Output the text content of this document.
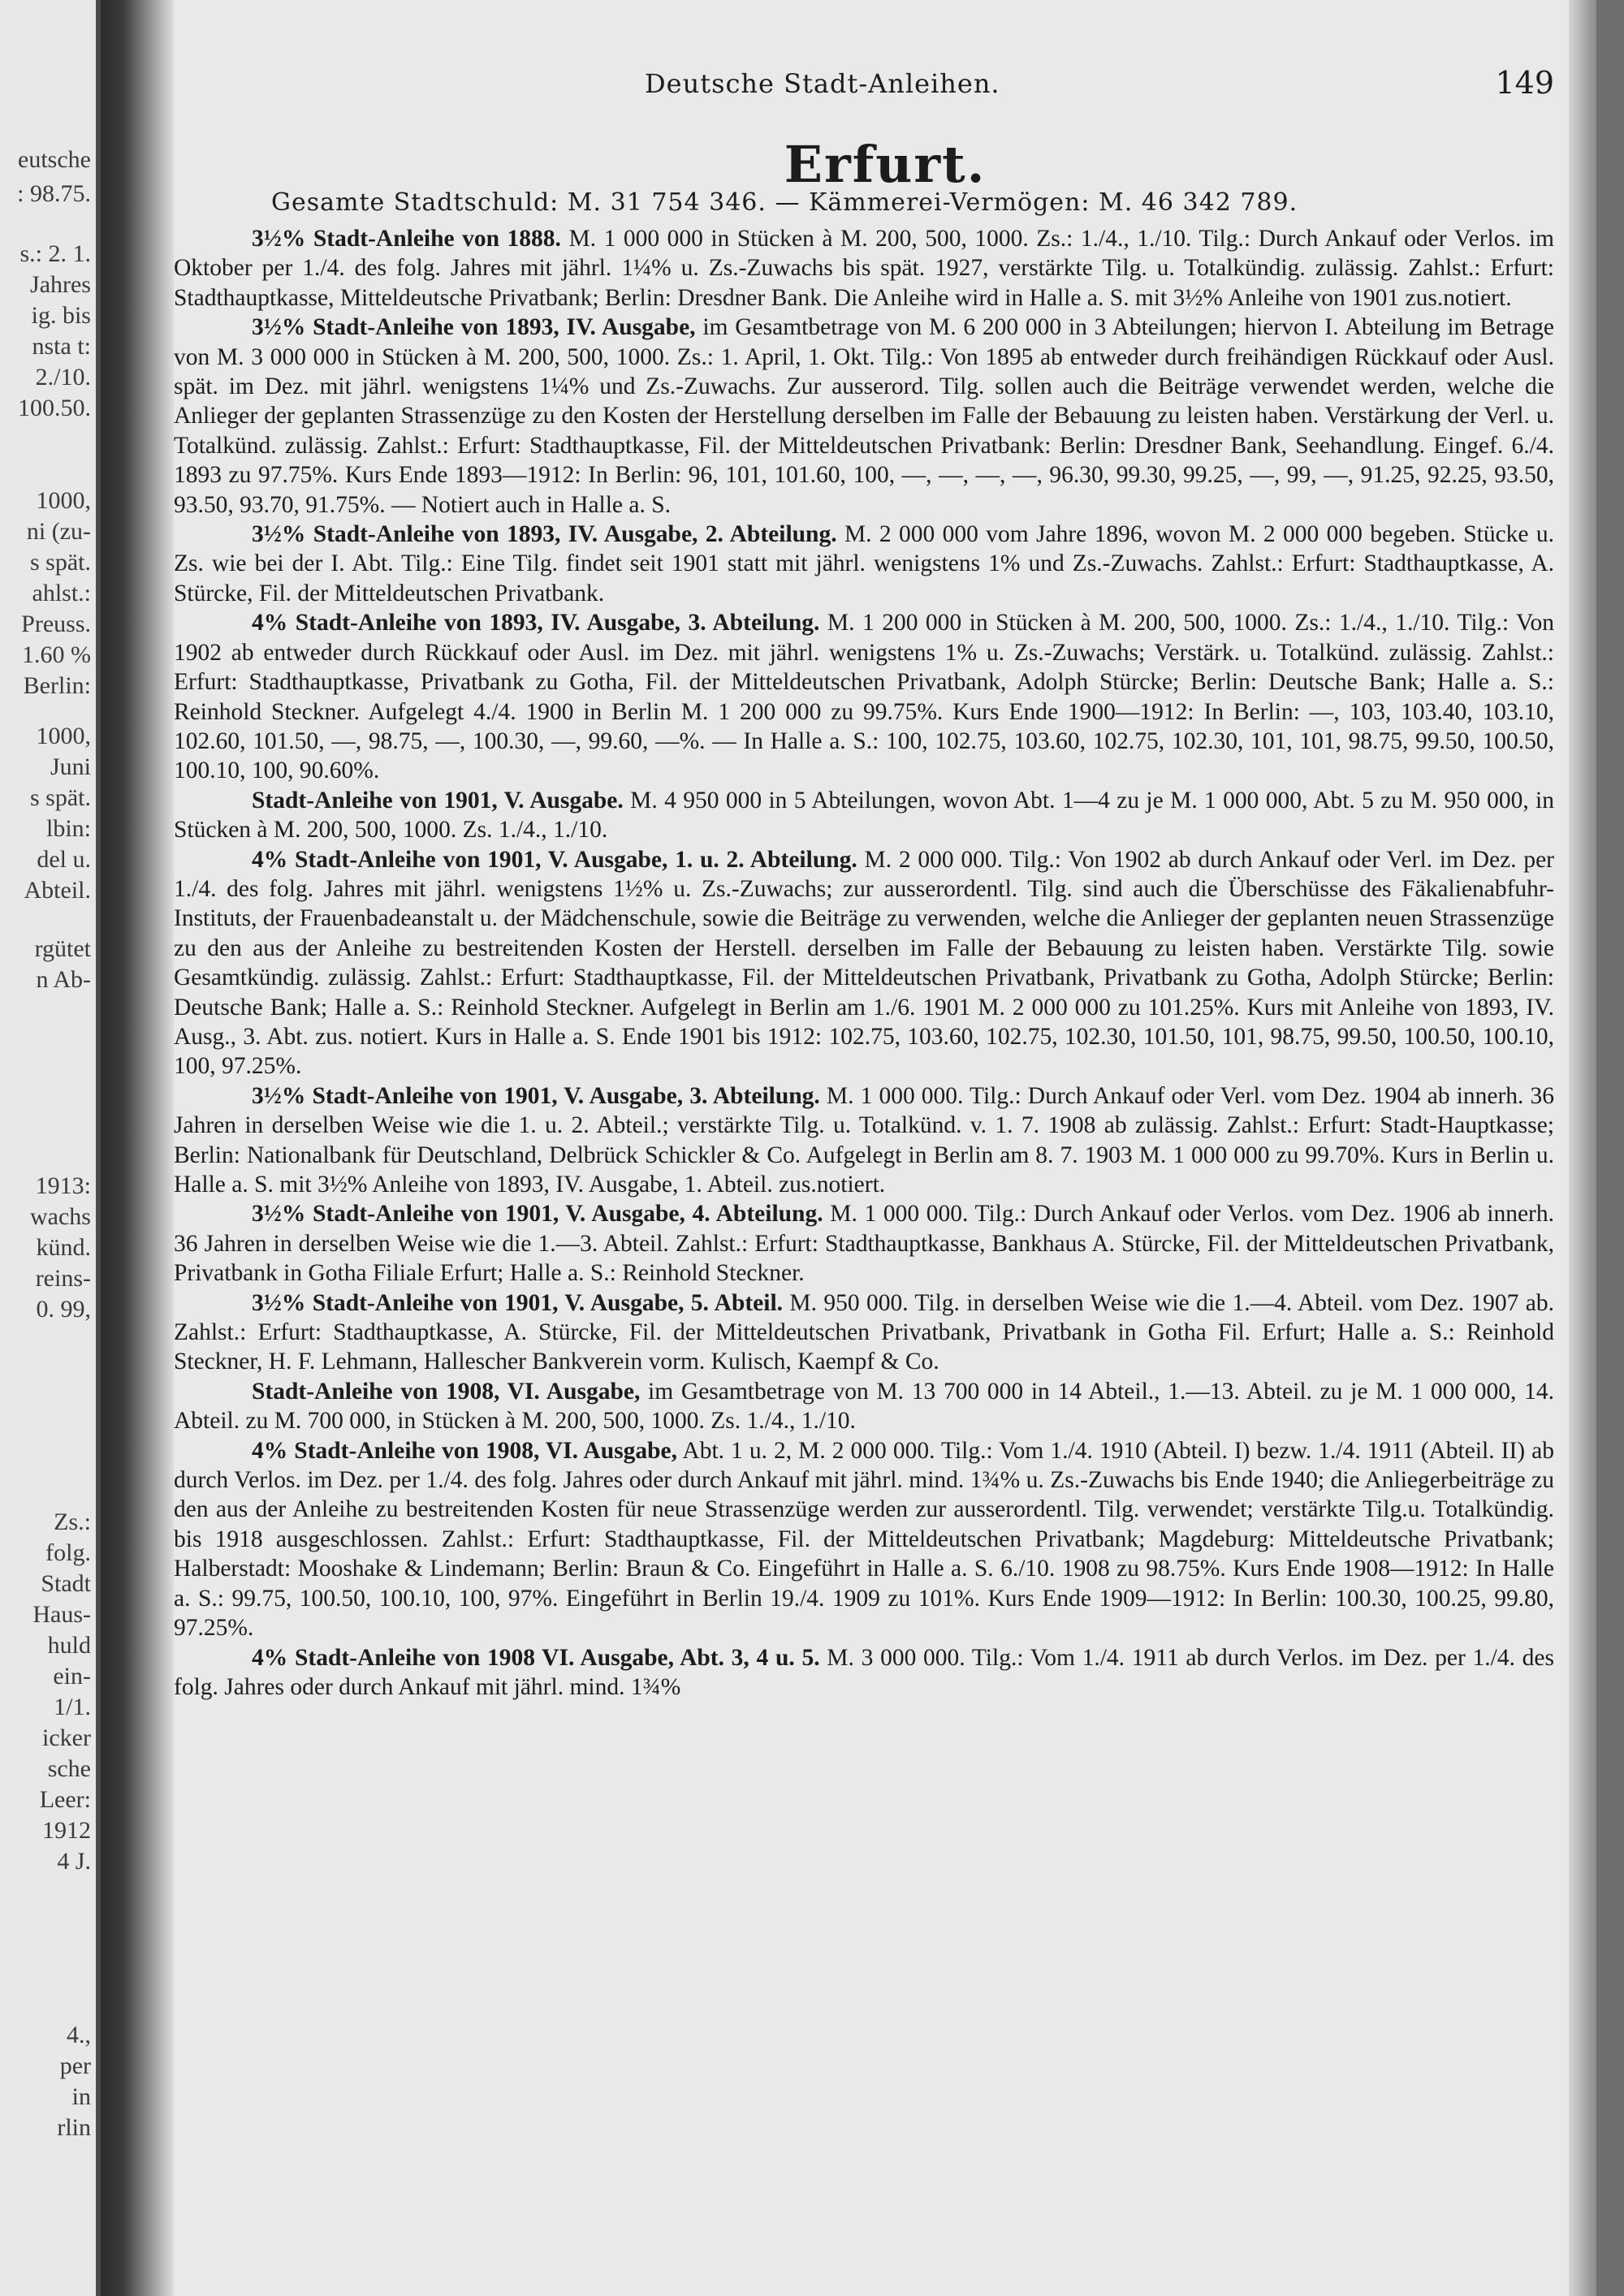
eutsche
: 98.75.
s.: 2. 1.
Jahres
ig. bis
nsta t:
2./10.
100.50.
1000,
ni (zu-
s spät.
ahlst.:
Preuss.
1.60 %
Berlin:
1000,
Juni
s spät.
lbin:
del u.
Abteil.
rgütet
n Ab-
1913:
wachs
künd.
reins-
0. 99,
Zs.:
folg.
Stadt
Haus-
huld
ein-
1/1.
icker
sche
Leer:
1912
4 J.
4.,
per
in
rlin
Deutsche Stadt-Anleihen.	149
Erfurt.
Gesamte Stadtschuld: M. 31 754 346. — Kämmerei-Vermögen: M. 46 342 789.

3½% Stadt-Anleihe von 1888. M. 1 000 000 in Stücken à M. 200, 500, 1000. Zs.: 1./4., 1./10. Tilg.: Durch Ankauf oder Verlos. im Oktober per 1./4. des folg. Jahres mit jährl. 1¼% u. Zs.-Zuwachs bis spät. 1927, verstärkte Tilg. u. Totalkündig. zulässig. Zahlst.: Erfurt: Stadthauptkasse, Mitteldeutsche Privatbank; Berlin: Dresdner Bank. Die Anleihe wird in Halle a. S. mit 3½% Anleihe von 1901 zus.notiert.

3½% Stadt-Anleihe von 1893, IV. Ausgabe, im Gesamtbetrage von M. 6 200 000 in 3 Abteilungen; hiervon I. Abteilung im Betrage von M. 3 000 000 in Stücken à M. 200, 500, 1000. Zs.: 1. April, 1. Okt. Tilg.: Von 1895 ab entweder durch freihändigen Rückkauf oder Ausl. spät. im Dez. mit jährl. wenigstens 1¼% und Zs.-Zuwachs. Zur ausserord. Tilg. sollen auch die Beiträge verwendet werden, welche die Anlieger der geplanten Strassenzüge zu den Kosten der Herstellung derselben im Falle der Bebauung zu leisten haben. Verstärkung der Verl. u. Totalkünd. zulässig. Zahlst.: Erfurt: Stadthauptkasse, Fil. der Mitteldeutschen Privatbank: Berlin: Dresdner Bank, Seehandlung. Eingef. 6./4. 1893 zu 97.75%. Kurs Ende 1893—1912: In Berlin: 96, 101, 101.60, 100, —, —, —, —, 96.30, 99.30, 99.25, —, 99, —, 91.25, 92.25, 93.50, 93.50, 93.70, 91.75%. — Notiert auch in Halle a. S.

3½% Stadt-Anleihe von 1893, IV. Ausgabe, 2. Abteilung. M. 2 000 000 vom Jahre 1896, wovon M. 2 000 000 begeben. Stücke u. Zs. wie bei der I. Abt. Tilg.: Eine Tilg. findet seit 1901 statt mit jährl. wenigstens 1% und Zs.-Zuwachs. Zahlst.: Erfurt: Stadthauptkasse, A. Stürcke, Fil. der Mitteldeutschen Privatbank.

4% Stadt-Anleihe von 1893, IV. Ausgabe, 3. Abteilung. M. 1 200 000 in Stücken à M. 200, 500, 1000. Zs.: 1./4., 1./10. Tilg.: Von 1902 ab entweder durch Rückkauf oder Ausl. im Dez. mit jährl. wenigstens 1% u. Zs.-Zuwachs; Verstärk. u. Totalkünd. zulässig. Zahlst.: Erfurt: Stadthauptkasse, Privatbank zu Gotha, Fil. der Mitteldeutschen Privatbank, Adolph Stürcke; Berlin: Deutsche Bank; Halle a. S.: Reinhold Steckner. Aufgelegt 4./4. 1900 in Berlin M. 1 200 000 zu 99.75%. Kurs Ende 1900—1912: In Berlin: —, 103, 103.40, 103.10, 102.60, 101.50, —, 98.75, —, 100.30, —, 99.60, —%. — In Halle a. S.: 100, 102.75, 103.60, 102.75, 102.30, 101, 101, 98.75, 99.50, 100.50, 100.10, 100, 90.60%.

Stadt-Anleihe von 1901, V. Ausgabe. M. 4 950 000 in 5 Abteilungen, wovon Abt. 1—4 zu je M. 1 000 000, Abt. 5 zu M. 950 000, in Stücken à M. 200, 500, 1000. Zs. 1./4., 1./10.

4% Stadt-Anleihe von 1901, V. Ausgabe, 1. u. 2. Abteilung. M. 2 000 000. Tilg.: Von 1902 ab durch Ankauf oder Verl. im Dez. per 1./4. des folg. Jahres mit jährl. wenigstens 1½% u. Zs.-Zuwachs; zur ausserordentl. Tilg. sind auch die Überschüsse des Fäkalienabfuhr-Instituts, der Frauenbadeanstalt u. der Mädchenschule, sowie die Beiträge zu verwenden, welche die Anlieger der geplanten neuen Strassenzüge zu den aus der Anleihe zu bestreitenden Kosten der Herstell. derselben im Falle der Bebauung zu leisten haben. Verstärkte Tilg. sowie Gesamtkündig. zulässig. Zahlst.: Erfurt: Stadthauptkasse, Fil. der Mitteldeutschen Privatbank, Privatbank zu Gotha, Adolph Stürcke; Berlin: Deutsche Bank; Halle a. S.: Reinhold Steckner. Aufgelegt in Berlin am 1./6. 1901 M. 2 000 000 zu 101.25%. Kurs mit Anleihe von 1893, IV. Ausg., 3. Abt. zus. notiert. Kurs in Halle a. S. Ende 1901 bis 1912: 102.75, 103.60, 102.75, 102.30, 101.50, 101, 98.75, 99.50, 100.50, 100.10, 100, 97.25%.

3½% Stadt-Anleihe von 1901, V. Ausgabe, 3. Abteilung. M. 1 000 000. Tilg.: Durch Ankauf oder Verl. vom Dez. 1904 ab innerh. 36 Jahren in derselben Weise wie die 1. u. 2. Abteil.; verstärkte Tilg. u. Totalkünd. v. 1. 7. 1908 ab zulässig. Zahlst.: Erfurt: Stadt-Hauptkasse; Berlin: Nationalbank für Deutschland, Delbrück Schickler & Co. Aufgelegt in Berlin am 8. 7. 1903 M. 1 000 000 zu 99.70%. Kurs in Berlin u. Halle a. S. mit 3½% Anleihe von 1893, IV. Ausgabe, 1. Abteil. zus.notiert.

3½% Stadt-Anleihe von 1901, V. Ausgabe, 4. Abteilung. M. 1 000 000. Tilg.: Durch Ankauf oder Verlos. vom Dez. 1906 ab innerh. 36 Jahren in derselben Weise wie die 1.—3. Abteil. Zahlst.: Erfurt: Stadthauptkasse, Bankhaus A. Stürcke, Fil. der Mitteldeutschen Privatbank, Privatbank in Gotha Filiale Erfurt; Halle a. S.: Reinhold Steckner.

3½% Stadt-Anleihe von 1901, V. Ausgabe, 5. Abteil. M. 950 000. Tilg. in derselben Weise wie die 1.—4. Abteil. vom Dez. 1907 ab. Zahlst.: Erfurt: Stadthauptkasse, A. Stürcke, Fil. der Mitteldeutschen Privatbank, Privatbank in Gotha Fil. Erfurt; Halle a. S.: Reinhold Steckner, H. F. Lehmann, Hallescher Bankverein vorm. Kulisch, Kaempf & Co.

Stadt-Anleihe von 1908, VI. Ausgabe, im Gesamtbetrage von M. 13 700 000 in 14 Abteil., 1.—13. Abteil. zu je M. 1 000 000, 14. Abteil. zu M. 700 000, in Stücken à M. 200, 500, 1000. Zs. 1./4., 1./10.

4% Stadt-Anleihe von 1908, VI. Ausgabe, Abt. 1 u. 2, M. 2 000 000. Tilg.: Vom 1./4. 1910 (Abteil. I) bezw. 1./4. 1911 (Abteil. II) ab durch Verlos. im Dez. per 1./4. des folg. Jahres oder durch Ankauf mit jährl. mind. 1¾% u. Zs.-Zuwachs bis Ende 1940; die Anliegerbeiträge zu den aus der Anleihe zu bestreitenden Kosten für neue Strassenzüge werden zur ausserordentl. Tilg. verwendet; verstärkte Tilg.u. Totalkündig. bis 1918 ausgeschlossen. Zahlst.: Erfurt: Stadthauptkasse, Fil. der Mitteldeutschen Privatbank; Magdeburg: Mitteldeutsche Privatbank; Halberstadt: Mooshake & Lindemann; Berlin: Braun & Co. Eingeführt in Halle a. S. 6./10. 1908 zu 98.75%. Kurs Ende 1908—1912: In Halle a. S.: 99.75, 100.50, 100.10, 100, 97%. Eingeführt in Berlin 19./4. 1909 zu 101%. Kurs Ende 1909—1912: In Berlin: 100.30, 100.25, 99.80, 97.25%.

4% Stadt-Anleihe von 1908 VI. Ausgabe, Abt. 3, 4 u. 5. M. 3 000 000. Tilg.: Vom 1./4. 1911 ab durch Verlos. im Dez. per 1./4. des folg. Jahres oder durch Ankauf mit jährl. mind. 1¾%
